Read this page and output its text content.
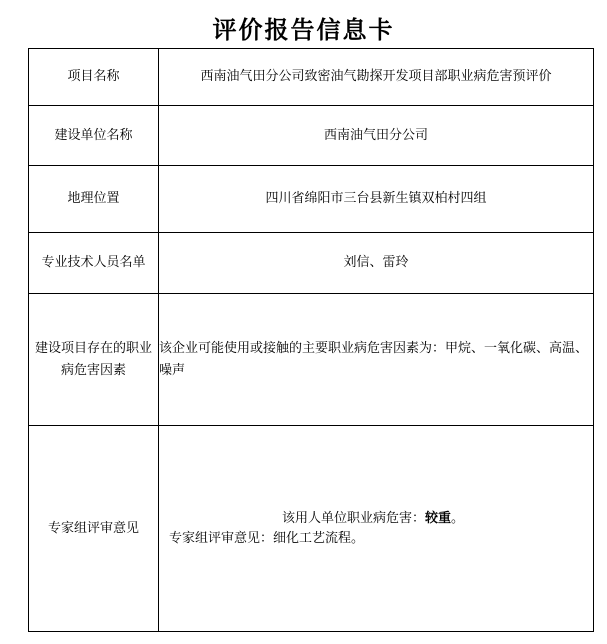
评价报告信息卡
项目名称	西南油气田分公司致密油气勘探开发项目部职业病危害预评价
建设单位名称	西南油气田分公司
地理位置	四川省绵阳市三台县新生镇双柏村四组
专业技术人员名单	刘信、雷玲
建设项目存在的职业病危害因素	该企业可能使用或接触的主要职业病危害因素为：甲烷、一氧化碳、高温、噪声
专家组评审意见	该用人单位职业病危害：较重。
专家组评审意见：细化工艺流程。
